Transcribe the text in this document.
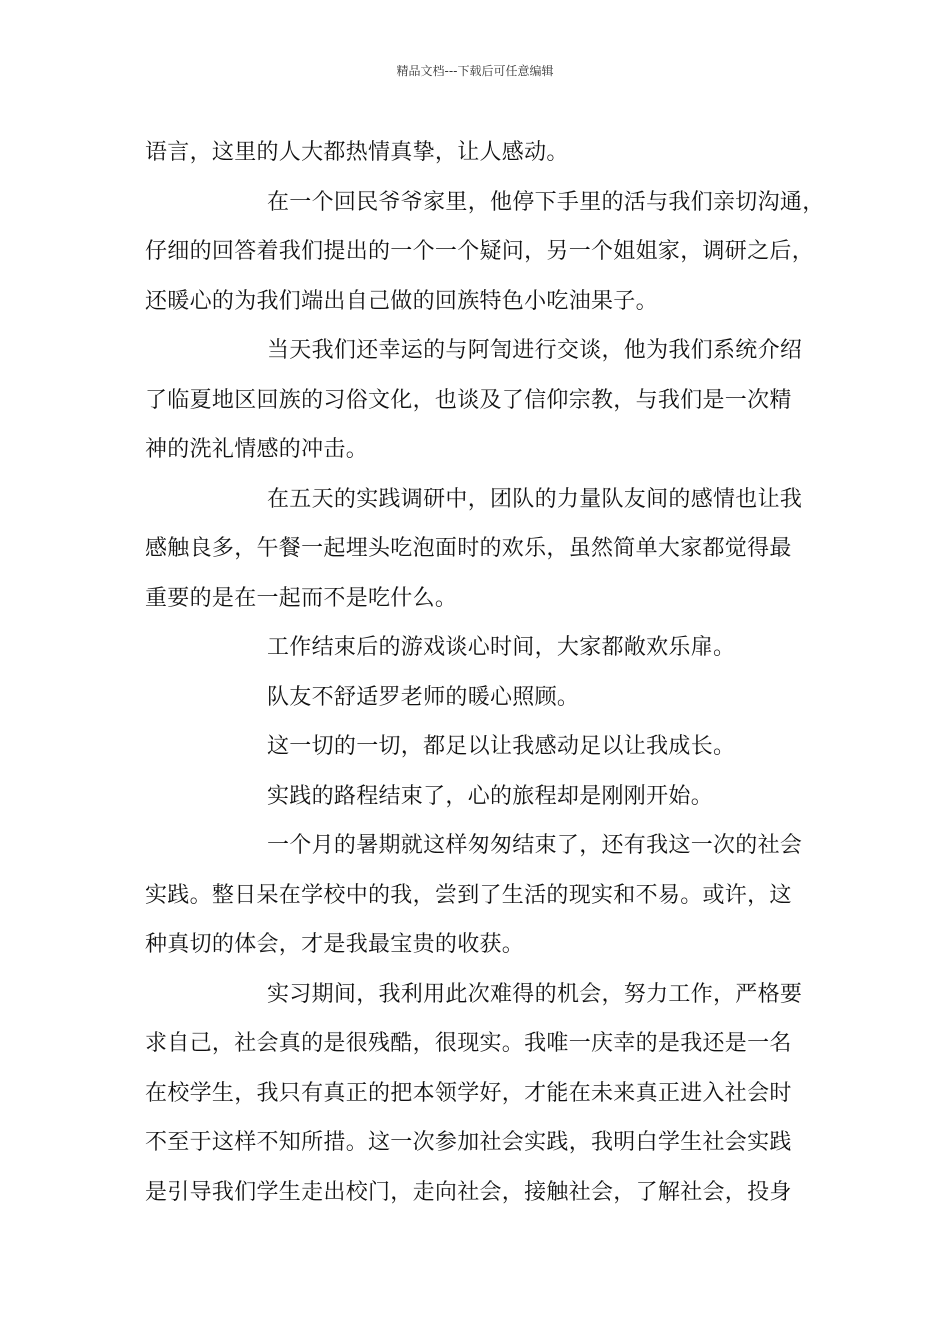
精品文档---下载后可任意编辑

语言，这里的人大都热情真挚，让人感动。

在一个回民爷爷家里，他停下手里的活与我们亲切沟通，

仔细的回答着我们提出的一个一个疑问，另一个姐姐家，调研之后，

还暖心的为我们端出自己做的回族特色小吃油果子。

当天我们还幸运的与阿訇进行交谈，他为我们系统介绍

了临夏地区回族的习俗文化，也谈及了信仰宗教，与我们是一次精

神的洗礼情感的冲击。

在五天的实践调研中，团队的力量队友间的感情也让我

感触良多，午餐一起埋头吃泡面时的欢乐，虽然简单大家都觉得最

重要的是在一起而不是吃什么。

工作结束后的游戏谈心时间，大家都敞欢乐扉。

队友不舒适罗老师的暖心照顾。

这一切的一切，都足以让我感动足以让我成长。

实践的路程结束了，心的旅程却是刚刚开始。

一个月的暑期就这样匆匆结束了，还有我这一次的社会

实践。整日呆在学校中的我，尝到了生活的现实和不易。或许，这

种真切的体会，才是我最宝贵的收获。

实习期间，我利用此次难得的机会，努力工作，严格要

求自己，社会真的是很残酷，很现实。我唯一庆幸的是我还是一名

在校学生，我只有真正的把本领学好，才能在未来真正进入社会时

不至于这样不知所措。这一次参加社会实践，我明白学生社会实践

是引导我们学生走出校门，走向社会，接触社会，了解社会，投身
